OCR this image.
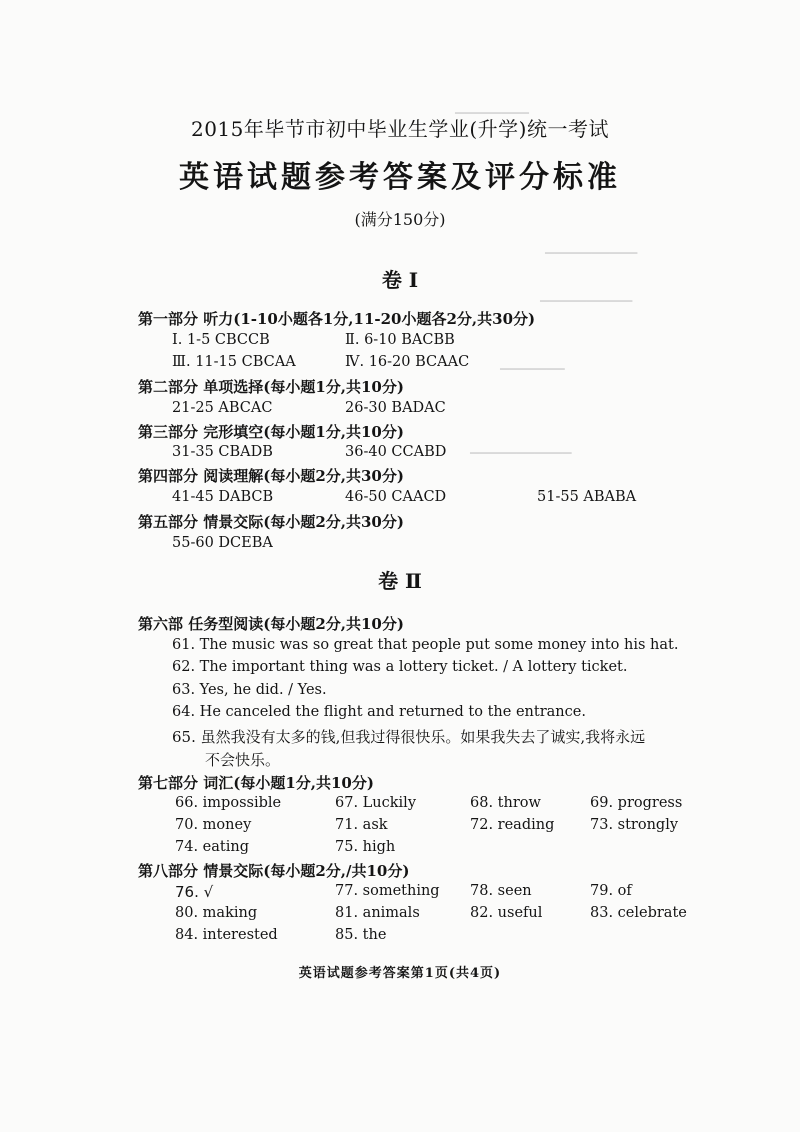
▁▁▁▁▁▁▁▁
▁▁▁▁▁▁▁▁▁▁
▁▁▁▁▁▁▁▁▁▁
▁▁▁▁▁▁▁
▁▁▁▁▁▁▁▁▁▁▁
2015年毕节市初中毕业生学业(升学)统一考试
英语试题参考答案及评分标准
(满分150分)
卷 Ⅰ
第一部分 听力(1-10小题各1分,11-20小题各2分,共30分)
I. 1-5 CBCCB	Ⅱ. 6-10 BACBB
Ⅲ. 11-15 CBCAA	Ⅳ. 16-20 BCAAC
第二部分 单项选择(每小题1分,共10分)
21-25 ABCAC	26-30 BADAC
第三部分 完形填空(每小题1分,共10分)
31-35 CBADB	36-40 CCABD
第四部分 阅读理解(每小题2分,共30分)
41-45 DABCB	46-50 CAACD	51-55 ABABA
第五部分 情景交际(每小题2分,共30分)
55-60 DCEBA
卷 Ⅱ
第六部 任务型阅读(每小题2分,共10分)
61. The music was so great that people put some money into his hat.
62. The important thing was a lottery ticket. / A lottery ticket.
63. Yes, he did. / Yes.
64. He canceled the flight and returned to the entrance.
65. 虽然我没有太多的钱,但我过得很快乐。如果我失去了诚实,我将永远
不会快乐。
第七部分 词汇(每小题1分,共10分)
66. impossible	67. Luckily	68. throw	69. progress
70. money	71. ask	72. reading 73. strongly
74. eating	75. high
第八部分 情景交际(每小题2分,/共10分)
76. √	77. something 78. seen	79. of
80. making	81. animals	82. useful	83. celebrate
84. interested	85. the
英语试题参考答案第1页(共4页)
